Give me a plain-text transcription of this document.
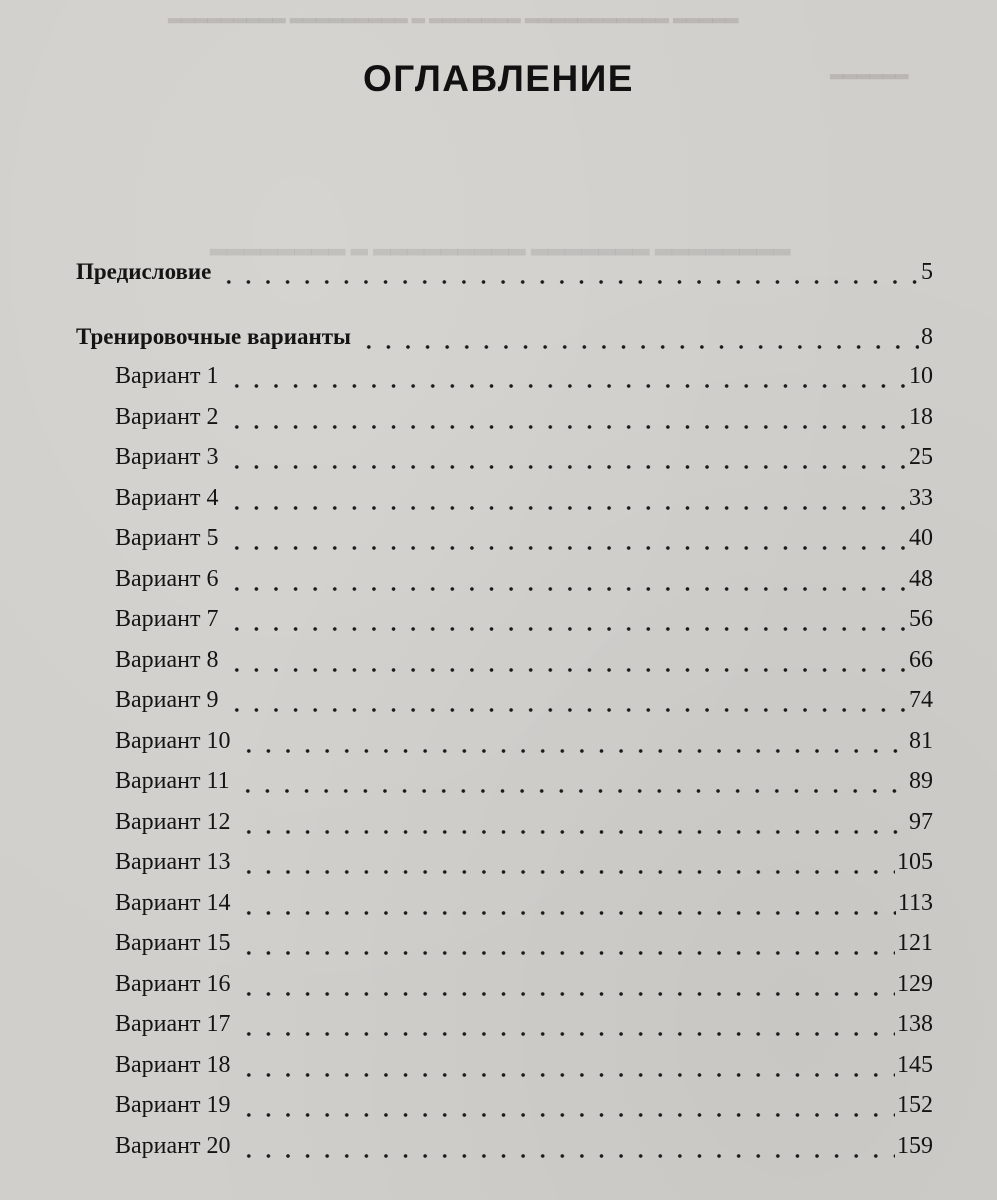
▂▂▂▂▂ ▂▂▂▂▂▂▂▂▂▂▂ ▂▂▂▂▂▂▂ ▂ ▂▂▂▂▂▂▂▂▂ ▂▂▂▂▂▂▂▂▂
▂▂▂▂▂▂
▂▂▂▂▂▂▂▂ ▂▂▂▂▂▂▂ ▂▂▂▂▂▂▂▂▂ ▂ ▂▂▂▂▂▂▂▂
ОГЛАВЛЕНИЕ
Предисловие	5
Тренировочные варианты	8
Вариант 1	10
Вариант 2	18
Вариант 3	25
Вариант 4	33
Вариант 5	40
Вариант 6	48
Вариант 7	56
Вариант 8	66
Вариант 9	74
Вариант 10	81
Вариант 11	89
Вариант 12	97
Вариант 13	105
Вариант 14	113
Вариант 15	121
Вариант 16	129
Вариант 17	138
Вариант 18	145
Вариант 19	152
Вариант 20	159
